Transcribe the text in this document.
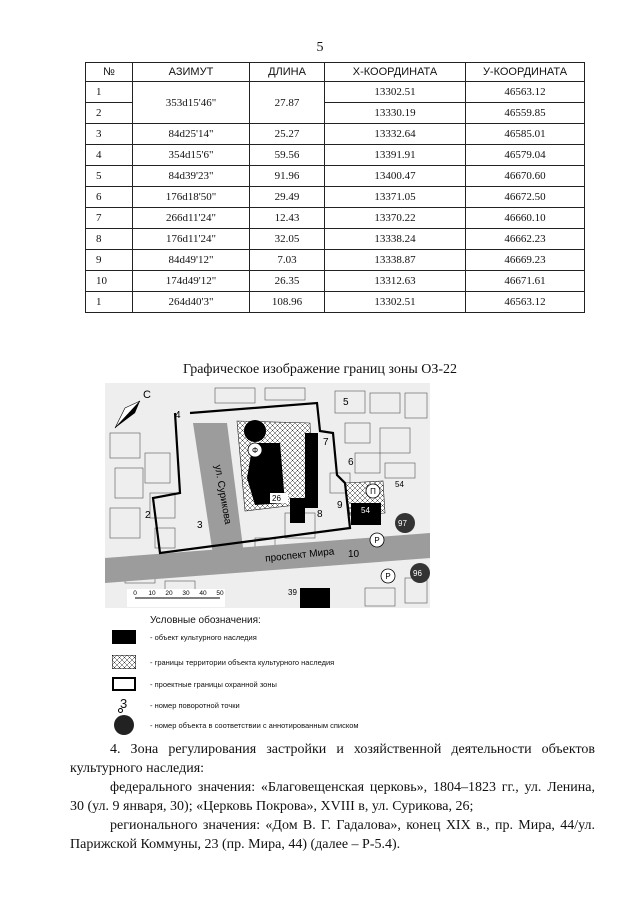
5
№	АЗИМУТ	ДЛИНА	Х-КООРДИНАТА	У-КООРДИНАТА
1	353d15'46"	27.87	13302.51	46563.12
2			13330.19	46559.85
3	84d25'14"	25.27	13332.64	46585.01
4	354d15'6"	59.56	13391.91	46579.04
5	84d39'23"	91.96	13400.47	46670.60
6	176d18'50"	29.49	13371.05	46672.50
7	266d11'24"	12.43	13370.22	46660.10
8	176d11'24"	32.05	13338.24	46662.23
9	84d49'12"	7.03	13338.87	46669.23
10	174d49'12"	26.35	13312.63	46671.61
1	264d40'3"	108.96	13302.51	46563.12
Графическое изображение границ зоны ОЗ-22
Ф
П
Р
Р
ул. Сурикова
проспект Мира
2
3
4
5
6
7
8
9
10
26
54
54
97
96
39
С
0 10 20 30 40 50
Условные обозначения:
- объект культурного наследия
- границы территории объекта культурного наследия
- проектные границы охранной зоны
3	- номер поворотной точки
- номер объекта в соответствии с аннотированным списком
4. Зона регулирования застройки и хозяйственной деятельности объектов культурного наследия:
федерального значения: «Благовещенская церковь», 1804–1823 гг., ул. Ленина, 30 (ул. 9 января, 30); «Церковь Покрова», XVIII в, ул. Сурикова, 26;
регионального значения: «Дом В. Г. Гадалова», конец XIX в., пр. Мира, 44/ул. Парижской Коммуны, 23 (пр. Мира, 44) (далее – Р-5.4).
